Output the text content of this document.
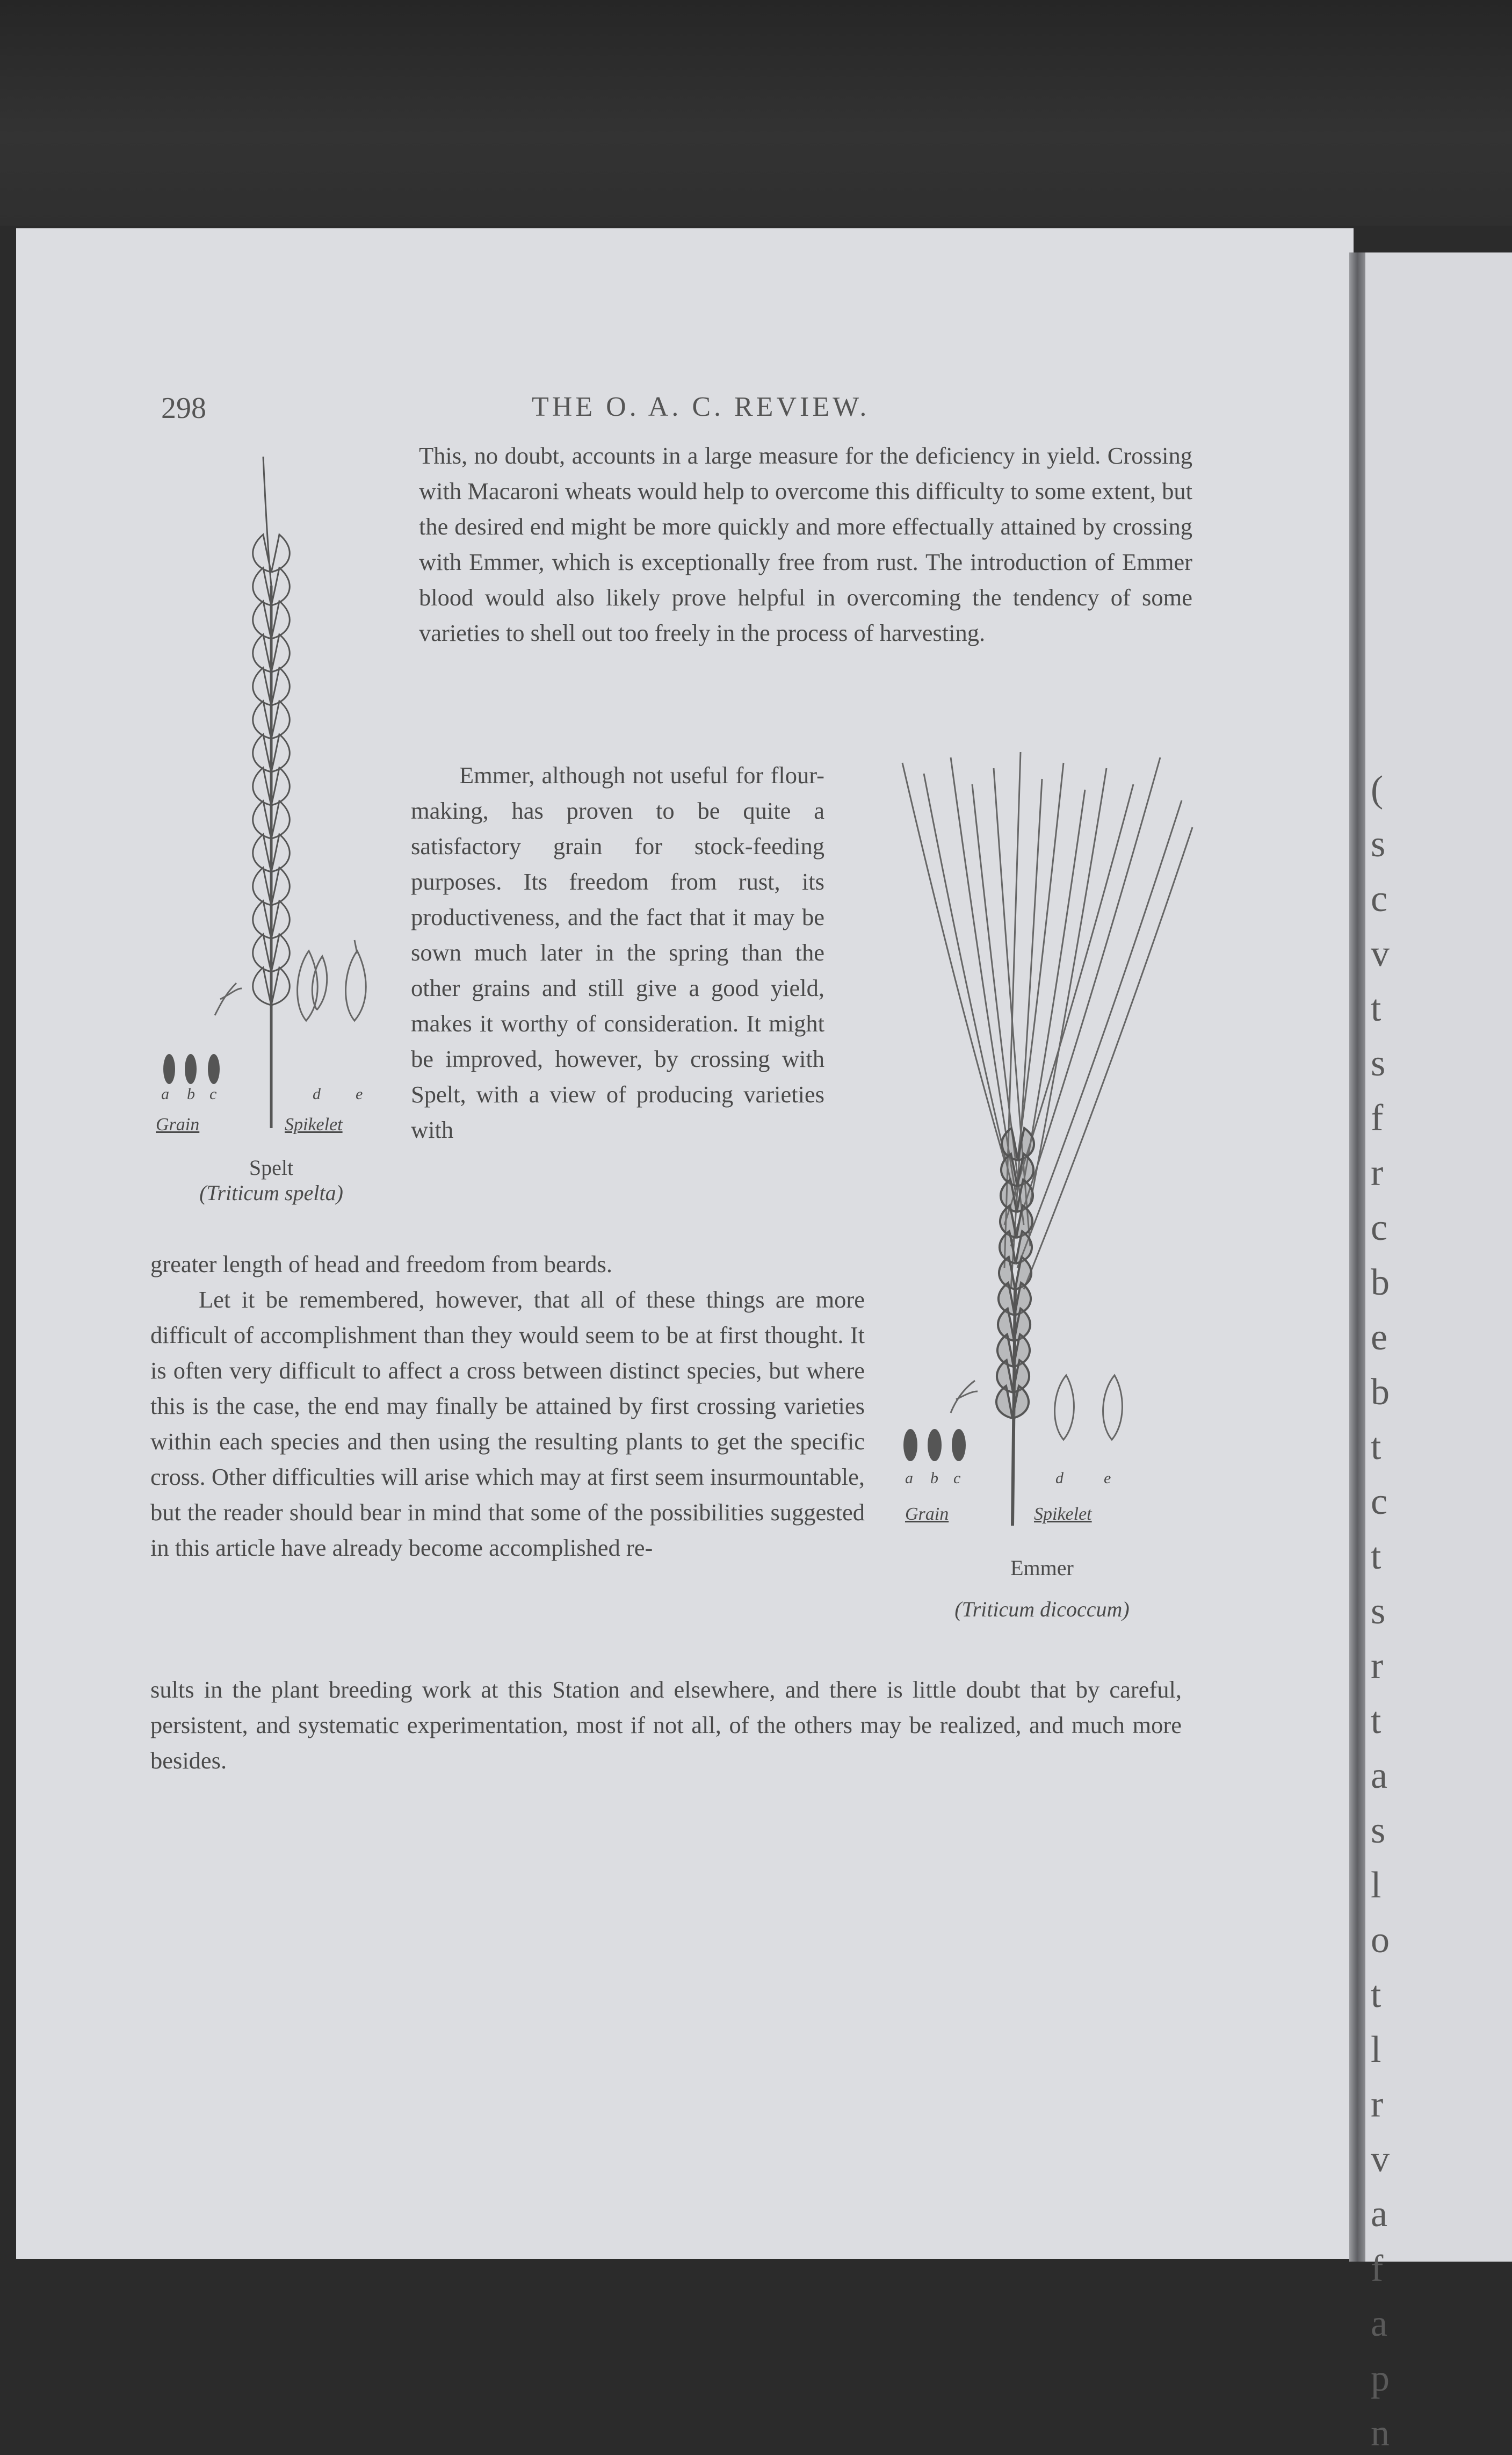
(
s
c
v
t
s
f
r
c
b
e
b
t
c
t
s
r
t
a
s
l
o
t
l
r
v
a
f
a
p
n
298	THE O. A. C. REVIEW.

This, no doubt, accounts in a large measure for the deficiency in yield. Crossing with Macaroni wheats would help to overcome this difficulty to some extent, but the desired end might be more quickly and more effectually attained by crossing with Emmer, which is exceptionally free from rust. The introduction of Emmer blood would also likely prove helpful in overcoming the tendency of some varieties to shell out too freely in the process of harvesting.

Emmer, although not useful for flour-making, has proven to be quite a satisfactory grain for stock-feeding purposes. Its freedom from rust, its productiveness, and the fact that it may be sown much later in the spring than the other grains and still give a good yield, makes it worthy of consideration. It might be improved, however, by crossing with Spelt, with a view of producing varieties with

greater length of head and freedom from beards.

Let it be remembered, however, that all of these things are more difficult of accomplishment than they would seem to be at first thought. It is often very difficult to affect a cross between distinct species, but where this is the case, the end may finally be attained by first crossing varieties within each species and then using the resulting plants to get the specific cross. Other difficulties will arise which may at first seem insurmountable, but the reader should bear in mind that some of the possibilities suggested in this article have already become accomplished re-

sults in the plant breeding work at this Station and elsewhere, and there is little doubt that by careful, persistent, and systematic experimentation, most if not all, of the others may be realized, and much more besides.

a b c	d e
Grain	Spikelet
Spelt
(Triticum spelta)
a b c	d	e
Grain	Spikelet
Emmer
(Triticum dicoccum)
